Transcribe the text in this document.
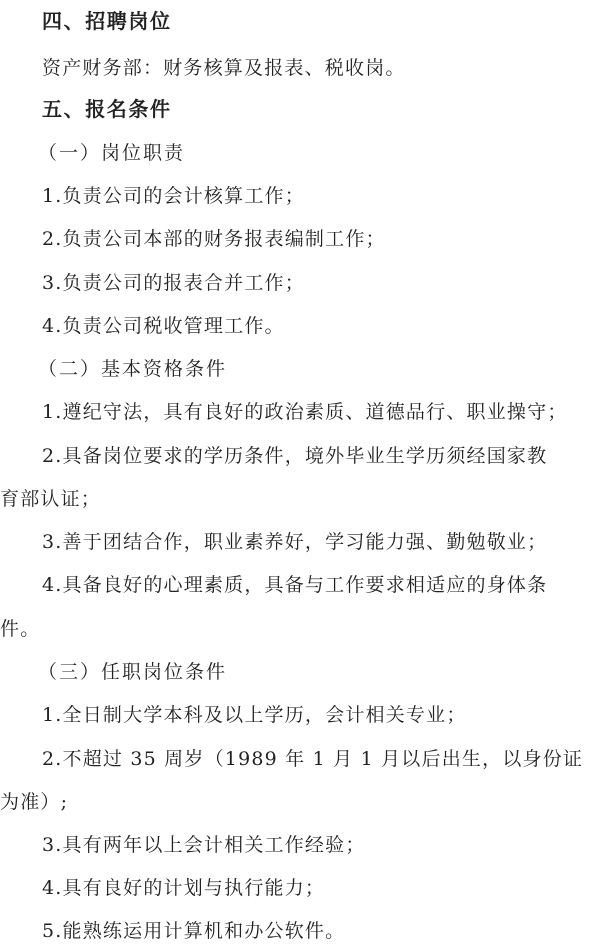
四、招聘岗位
资产财务部：财务核算及报表、税收岗。
五、报名条件
（一）岗位职责
1.负责公司的会计核算工作；
2.负责公司本部的财务报表编制工作；
3.负责公司的报表合并工作；
4.负责公司税收管理工作。
（二）基本资格条件
1.遵纪守法，具有良好的政治素质、道德品行、职业操守；
2.具备岗位要求的学历条件，境外毕业生学历须经国家教
育部认证；
3.善于团结合作，职业素养好，学习能力强、勤勉敬业；
4.具备良好的心理素质，具备与工作要求相适应的身体条
件。
（三）任职岗位条件
1.全日制大学本科及以上学历，会计相关专业；
2.不超过 35 周岁（1989 年 1 月 1 月以后出生，以身份证
为准）;
3.具有两年以上会计相关工作经验；
4.具有良好的计划与执行能力；
5.能熟练运用计算机和办公软件。
